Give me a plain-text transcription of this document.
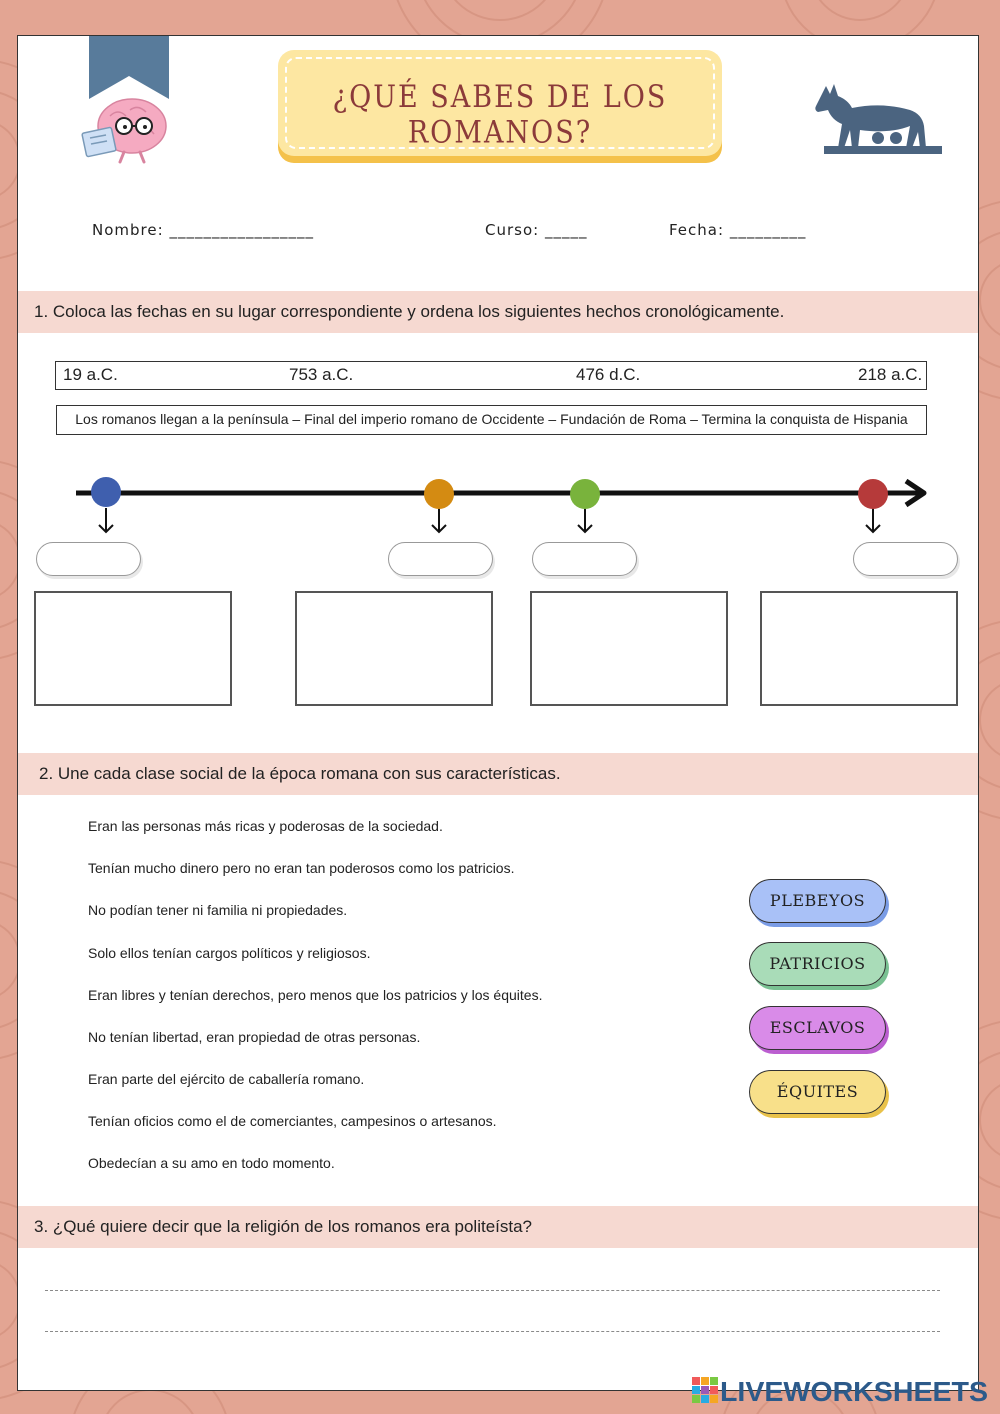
¿QUÉ SABES DE LOS ROMANOS?
Nombre: _________________	Curso: _____	Fecha: _________
1. Coloca las fechas en su lugar correspondiente y ordena los siguientes hechos cronológicamente.
19 a.C.	753 a.C.	476 d.C.	218 a.C.
Los romanos llegan a la península – Final del imperio romano de Occidente – Fundación de Roma – Termina la conquista de Hispania
2. Une cada clase social de la época romana con sus características.
Eran las personas más ricas y poderosas de la sociedad.
Tenían mucho dinero pero no eran tan poderosos como los patricios.
No podían tener ni familia ni propiedades.
Solo ellos tenían cargos políticos y religiosos.
Eran libres y tenían derechos, pero menos que los patricios y los équites.
No tenían libertad, eran propiedad de otras personas.
Eran parte del ejército de caballería romano.
Tenían oficios como el de comerciantes, campesinos o artesanos.
Obedecían a su amo en todo momento.
PLEBEYOS
PATRICIOS
ESCLAVOS
ÉQUITES
3. ¿Qué quiere decir que la religión de los romanos era politeísta?
LIVEWORKSHEETS
